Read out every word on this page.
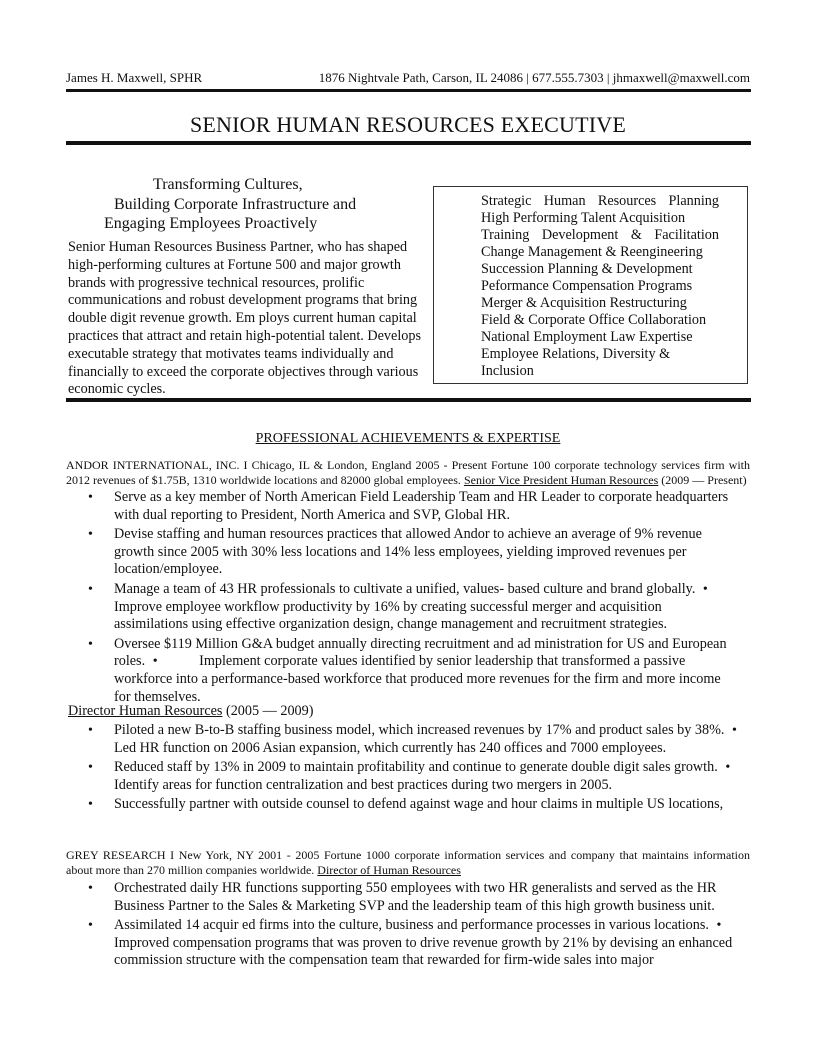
James H. Maxwell, SPHR	1876 Nightvale Path, Carson, IL 24086 | 677.555.7303 | jhmaxwell@maxwell.com
SENIOR HUMAN RESOURCES EXECUTIVE
Transforming Cultures,
Building Corporate Infrastructure and
Engaging Employees Proactively
Senior Human Resources Business Partner, who has shaped high-performing cultures at Fortune 500 and major growth brands with progressive technical resources, prolific communications and robust development programs that bring double digit revenue growth. Em ploys current human capital practices that attract and retain high-potential talent. Develops executable strategy that motivates teams individually and financially to exceed the corporate objectives through various economic cycles.
Strategic Human Resources Planning
High Performing Talent Acquisition
Training Development & Facilitation
Change Management & Reengineering
Succession Planning & Development
Peformance Compensation Programs
Merger & Acquisition Restructuring
Field & Corporate Office Collaboration
National Employment Law Expertise
Employee Relations, Diversity &
Inclusion
PROFESSIONAL ACHIEVEMENTS & EXPERTISE
ANDOR INTERNATIONAL, INC. I Chicago, IL & London, England 2005 - Present Fortune 100 corporate technology services firm with 2012 revenues of $1.75B, 1310 worldwide locations and 82000 global employees. Senior Vice President Human Resources (2009 — Present)
• Serve as a key member of North American Field Leadership Team and HR Leader to corporate headquarters with dual reporting to President, North America and SVP, Global HR.
• Devise staffing and human resources practices that allowed Andor to achieve an average of 9% revenue growth since 2005 with 30% less locations and 14% less employees, yielding improved revenues per location/employee.
• Manage a team of 43 HR professionals to cultivate a unified, values- based culture and brand globally. • Improve employee workflow productivity by 16% by creating successful merger and acquisition assimilations using effective organization design, change management and recruitment strategies.
• Oversee $119 Million G&A budget annually directing recruitment and ad ministration for US and European roles. •	Implement corporate values identified by senior leadership that transformed a passive workforce into a performance-based workforce that produced more revenues for the firm and more income for themselves.
Director Human Resources (2005 — 2009)
• Piloted a new B-to-B staffing business model, which increased revenues by 17% and product sales by 38%. •Led HR function on 2006 Asian expansion, which currently has 240 offices and 7000 employees.
• Reduced staff by 13% in 2009 to maintain profitability and continue to generate double digit sales growth. •Identify areas for function centralization and best practices during two mergers in 2005.
• Successfully partner with outside counsel to defend against wage and hour claims in multiple US locations,
GREY RESEARCH I New York, NY 2001 - 2005 Fortune 1000 corporate information services and company that maintains information about more than 270 million companies worldwide. Director of Human Resources
• Orchestrated daily HR functions supporting 550 employees with two HR generalists and served as the HR Business Partner to the Sales & Marketing SVP and the leadership team of this high growth business unit.
• Assimilated 14 acquir ed firms into the culture, business and performance processes in various locations. • Improved compensation programs that was proven to drive revenue growth by 21% by devising an enhanced commission structure with the compensation team that rewarded for firm-wide sales into major
